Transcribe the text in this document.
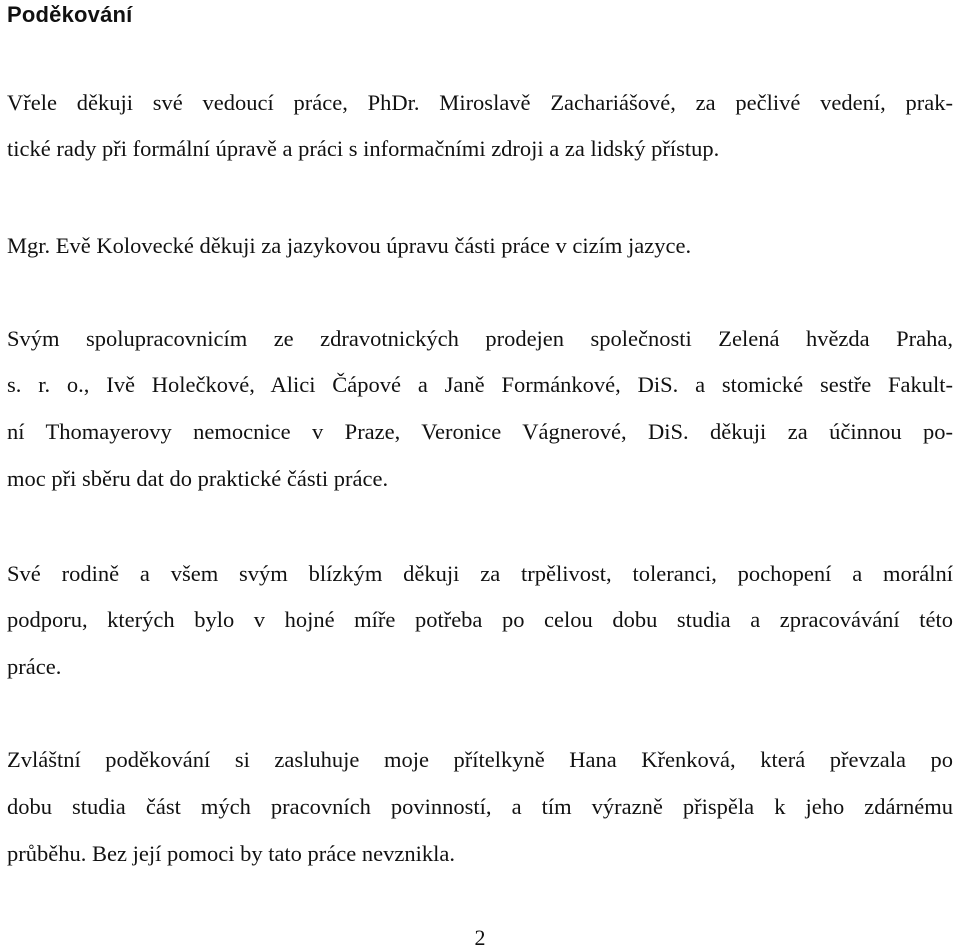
Poděkování

Vřele děkuji své vedoucí práce, PhDr. Miroslavě Zachariášové, za pečlivé vedení, prak-

tické rady při formální úpravě a práci s informačními zdroji a za lidský přístup.

Mgr. Evě Kolovecké děkuji za jazykovou úpravu části práce v cizím jazyce.

Svým spolupracovnicím ze zdravotnických prodejen společnosti Zelená hvězda Praha,

s. r. o., Ivě Holečkové, Alici Čápové a Janě Formánkové, DiS. a stomické sestře Fakult-

ní Thomayerovy nemocnice v Praze, Veronice Vágnerové, DiS. děkuji za účinnou po-

moc při sběru dat do praktické části práce.

Své rodině a všem svým blízkým děkuji za trpělivost, toleranci, pochopení a morální

podporu, kterých bylo v hojné míře potřeba po celou dobu studia a zpracovávání této

práce.

Zvláštní poděkování si zasluhuje moje přítelkyně Hana Křenková, která převzala po

dobu studia část mých pracovních povinností, a tím výrazně přispěla k jeho zdárnému

průběhu. Bez její pomoci by tato práce nevznikla.

2
